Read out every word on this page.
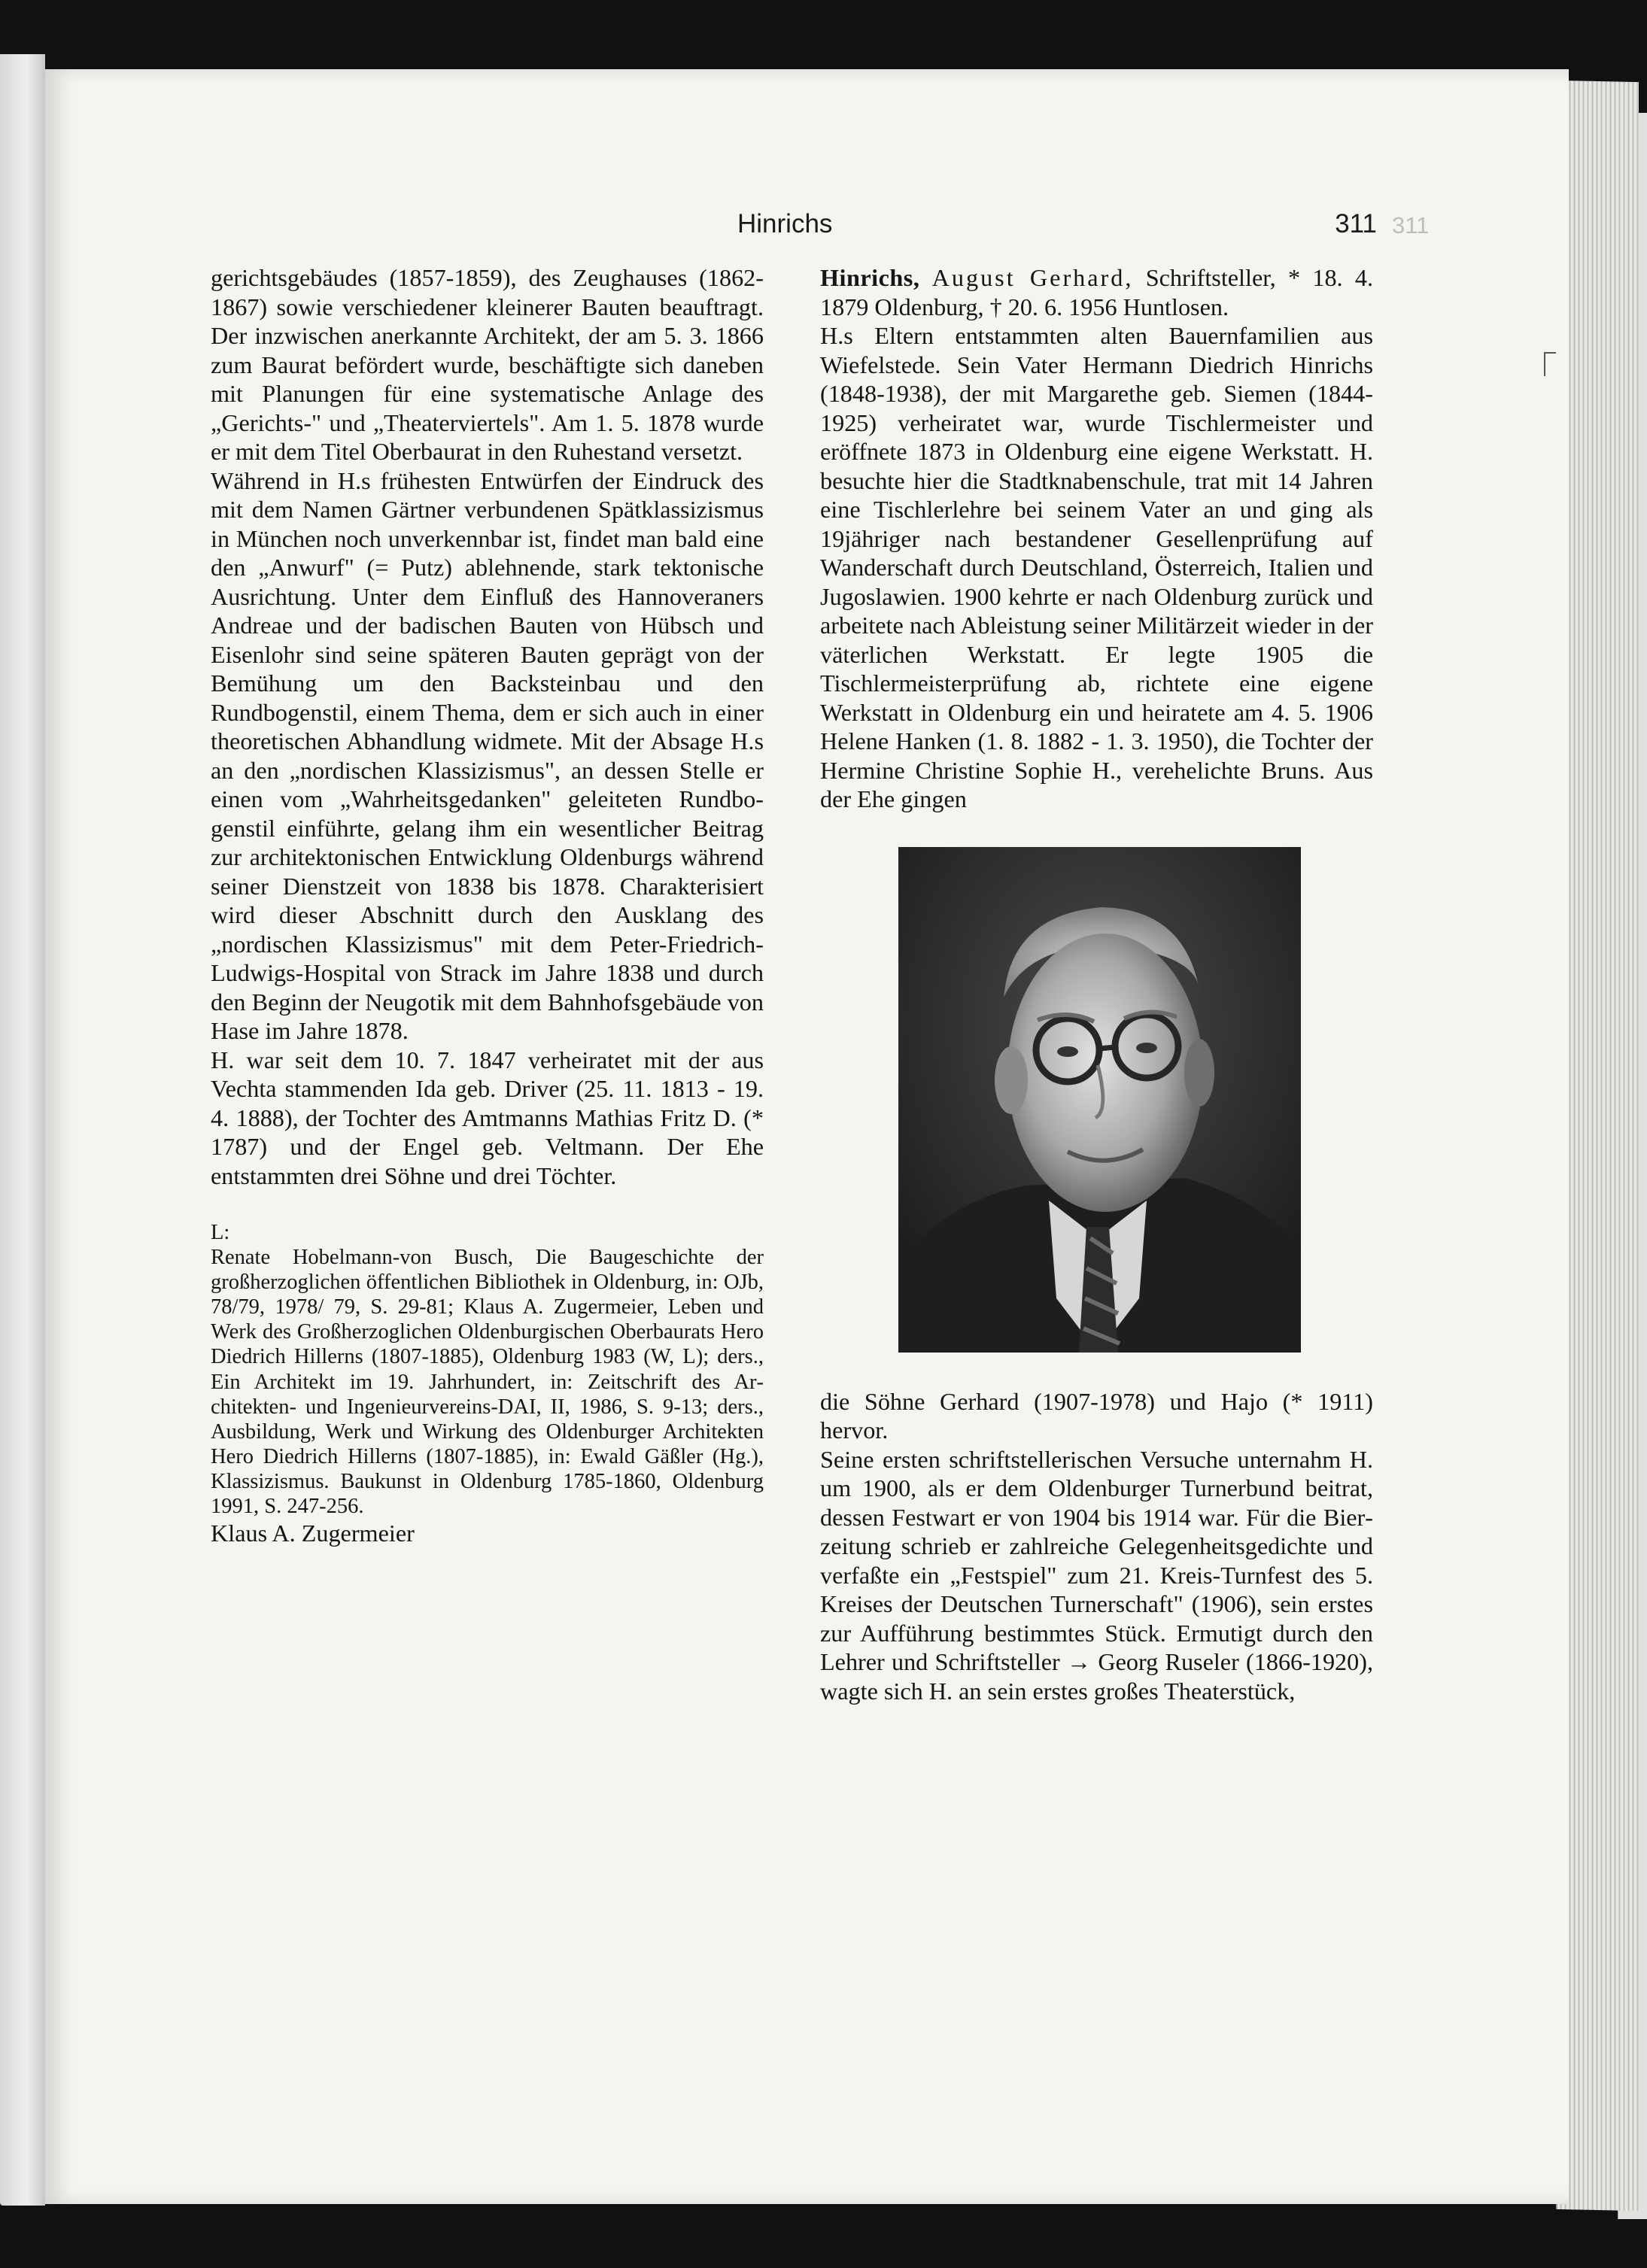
Hinrichs	311 311

gerichtsgebäudes (1857-1859), des Zeughauses (1862-1867) sowie verschiedener kleinerer Bauten beauftragt. Der inzwischen anerkannte Architekt, der am 5. 3. 1866 zum Baurat befördert wurde, beschäftigte sich daneben mit Planungen für eine systematische Anlage des „Gerichts-" und „Theaterviertels". Am 1. 5. 1878 wurde er mit dem Titel Oberbaurat in den Ruhestand versetzt.

Während in H.s frühesten Entwürfen der Eindruck des mit dem Namen Gärtner verbundenen Spätklassizismus in München noch unverkennbar ist, findet man bald eine den „Anwurf" (= Putz) ablehnende, stark tektonische Ausrichtung. Unter dem Einfluß des Hannoveraners Andreae und der badischen Bauten von Hübsch und Eisenlohr sind seine späteren Bauten geprägt von der Bemühung um den Backsteinbau und den Rundbogenstil, einem Thema, dem er sich auch in einer theoretischen Abhandlung widmete. Mit der Absage H.s an den „nordischen Klassizismus", an dessen Stelle er einen vom „Wahrheitsgedanken" geleiteten Rundbogenstil einführte, gelang ihm ein wesentlicher Beitrag zur architektonischen Entwicklung Oldenburgs während seiner Dienstzeit von 1838 bis 1878. Charakterisiert wird dieser Abschnitt durch den Ausklang des „nordischen Klassizismus" mit dem Peter-Friedrich-Ludwigs-Hospital von Strack im Jahre 1838 und durch den Beginn der Neugotik mit dem Bahnhofsgebäude von Hase im Jahre 1878.

H. war seit dem 10. 7. 1847 verheiratet mit der aus Vechta stammenden Ida geb. Driver (25. 11. 1813 - 19. 4. 1888), der Tochter des Amtmanns Mathias Fritz D. (* 1787) und der Engel geb. Veltmann. Der Ehe entstammten drei Söhne und drei Töchter.

L:

Renate Hobelmann-von Busch, Die Baugeschichte der großherzoglichen öffentlichen Bibliothek in Oldenburg, in: OJb, 78/79, 1978/ 79, S. 29-81; Klaus A. Zugermeier, Leben und Werk des Großherzoglichen Oldenburgischen Oberbaurats Hero Diedrich Hillerns (1807-1885), Oldenburg 1983 (W, L); ders., Ein Architekt im 19. Jahrhundert, in: Zeitschrift des Architekten- und Ingenieurvereins-DAI, II, 1986, S. 9-13; ders., Ausbildung, Werk und Wirkung des Oldenburger Architekten Hero Diedrich Hillerns (1807-1885), in: Ewald Gäßler (Hg.), Klassizismus. Baukunst in Oldenburg 1785-1860, Oldenburg 1991, S. 247-256.

Klaus A. Zugermeier

Hinrichs, August Gerhard, Schriftsteller, * 18. 4. 1879 Oldenburg, † 20. 6. 1956 Huntlosen.

H.s Eltern entstammten alten Bauernfamilien aus Wiefelstede. Sein Vater Hermann Diedrich Hinrichs (1848-1938), der mit Margarethe geb. Siemen (1844-1925) verheiratet war, wurde Tischlermeister und eröffnete 1873 in Oldenburg eine eigene Werkstatt. H. besuchte hier die Stadtknabenschule, trat mit 14 Jahren eine Tischlerlehre bei seinem Vater an und ging als 19jähriger nach bestandener Gesellenprüfung auf Wanderschaft durch Deutschland, Österreich, Italien und Jugoslawien. 1900 kehrte er nach Oldenburg zurück und arbeitete nach Ableistung seiner Militärzeit wieder in der väterlichen Werkstatt. Er legte 1905 die Tischlermeisterprüfung ab, richtete eine eigene Werkstatt in Oldenburg ein und heiratete am 4. 5. 1906 Helene Hanken (1. 8. 1882 - 1. 3. 1950), die Tochter der Hermine Christine Sophie H., verehelichte Bruns. Aus der Ehe gingen

die Söhne Gerhard (1907-1978) und Hajo (* 1911) hervor.

Seine ersten schriftstellerischen Versuche unternahm H. um 1900, als er dem Oldenburger Turnerbund beitrat, dessen Festwart er von 1904 bis 1914 war. Für die Bierzeitung schrieb er zahlreiche Gelegenheitsgedichte und verfaßte ein „Festspiel" zum 21. Kreis-Turnfest des 5. Kreises der Deutschen Turnerschaft" (1906), sein erstes zur Aufführung bestimmtes Stück. Ermutigt durch den Lehrer und Schriftsteller → Georg Ruseler (1866-1920), wagte sich H. an sein erstes großes Theaterstück,
